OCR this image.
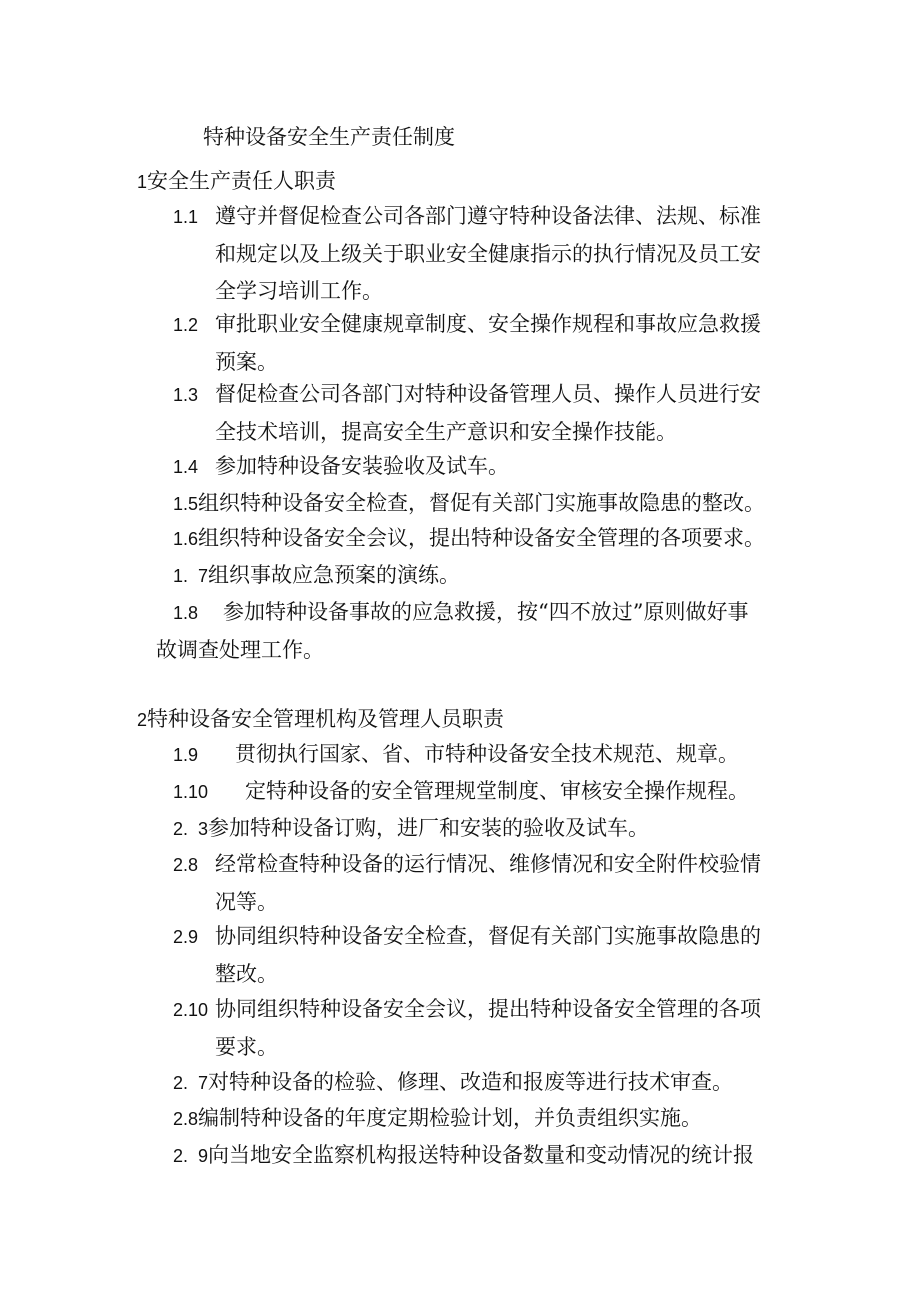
特种设备安全生产责任制度
1安全生产责任人职责
1.1 遵守并督促检查公司各部门遵守特种设备法律、法规、标准
和规定以及上级关于职业安全健康指示的执行情况及员工安
全学习培训工作。
1.2 审批职业安全健康规章制度、安全操作规程和事故应急救援
预案。
1.3 督促检查公司各部门对特种设备管理人员、操作人员进行安
全技术培训，提高安全生产意识和安全操作技能。
1.4 参加特种设备安装验收及试车。
1.5组织特种设备安全检查，督促有关部门实施事故隐患的整改。
1.6组织特种设备安全会议，提出特种设备安全管理的各项要求。
1.  7组织事故应急预案的演练。
1.8 参加特种设备事故的应急救援，按“四不放过”原则做好事
故调查处理工作。
2特种设备安全管理机构及管理人员职责
1.9 贯彻执行国家、省、市特种设备安全技术规范、规章。
1.10 定特种设备的安全管理规堂制度、审核安全操作规程。
2.  3参加特种设备订购，进厂和安装的验收及试车。
2.8 经常检查特种设备的运行情况、维修情况和安全附件校验情
况等。
2.9 协同组织特种设备安全检查，督促有关部门实施事故隐患的
整改。
2.10 协同组织特种设备安全会议，提出特种设备安全管理的各项
要求。
2.  7对特种设备的检验、修理、改造和报废等进行技术审查。
2.8编制特种设备的年度定期检验计划，并负责组织实施。
2.  9向当地安全监察机构报送特种设备数量和变动情况的统计报
